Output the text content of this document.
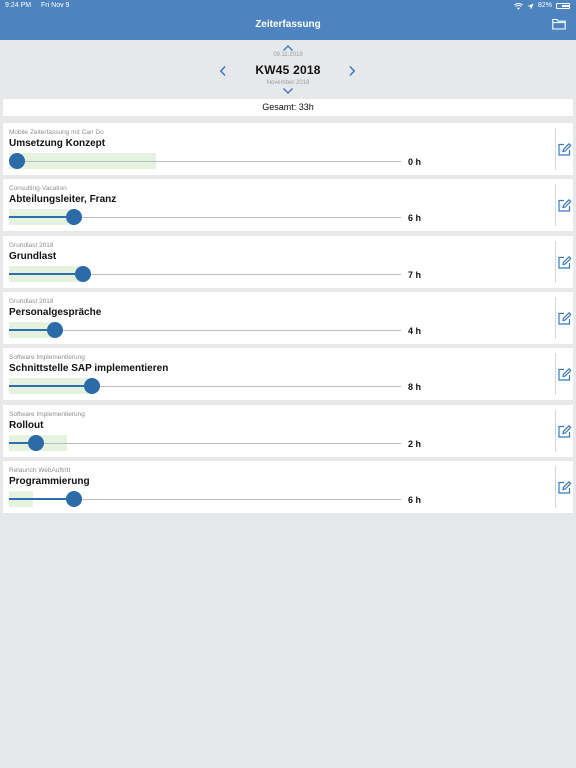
9:24 PM Fri Nov 9	82%
Zeiterfassung
09.11.2018
KW45 2018
November 2018
Gesamt: 33h
Mobile Zeiterfassung mit Can Do
Umsetzung Konzept
0 h
Consulting-Vacation
Abteilungsleiter, Franz
6 h
Grundlast 2018
Grundlast
7 h
Grundlast 2018
Personalgespräche
4 h
Software Implementierung
Schnittstelle SAP implementieren
8 h
Software Implementierung
Rollout
2 h
Relaunch WebAuftritt
Programmierung
6 h
